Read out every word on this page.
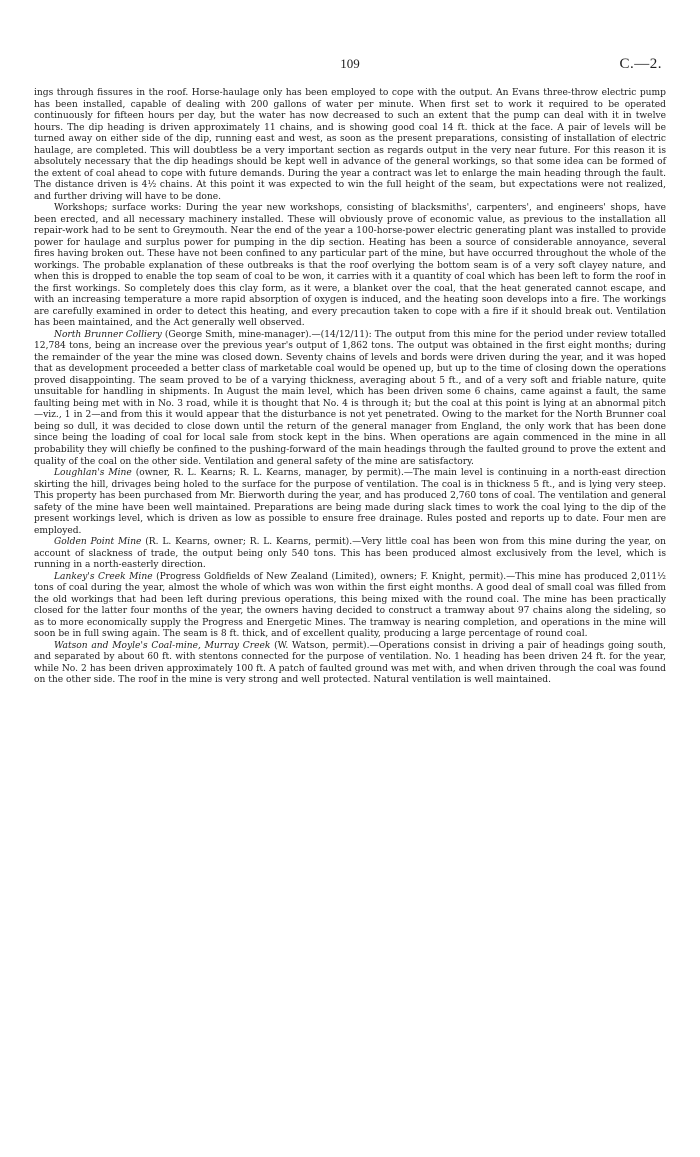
109	C.—2.

ings through fissures in the roof. Horse-haulage only has been employed to cope with the output. An Evans three-throw electric pump has been installed, capable of dealing with 200 gallons of water per minute. When first set to work it required to be operated continuously for fifteen hours per day, but the water has now decreased to such an extent that the pump can deal with it in twelve hours. The dip heading is driven approximately 11 chains, and is showing good coal 14 ft. thick at the face. A pair of levels will be turned away on either side of the dip, running east and west, as soon as the present preparations, consisting of installation of electric haulage, are completed. This will doubtless be a very important section as regards output in the very near future. For this reason it is absolutely necessary that the dip headings should be kept well in advance of the general workings, so that some idea can be formed of the extent of coal ahead to cope with future demands. During the year a contract was let to enlarge the main heading through the fault. The distance driven is 4½ chains. At this point it was expected to win the full height of the seam, but expectations were not realized, and further driving will have to be done.

Workshops; surface works: During the year new workshops, consisting of blacksmiths', carpenters', and engineers' shops, have been erected, and all necessary machinery installed. These will obviously prove of economic value, as previous to the installation all repair-work had to be sent to Greymouth. Near the end of the year a 100-horse-power electric generating plant was installed to provide power for haulage and surplus power for pumping in the dip section. Heating has been a source of considerable annoyance, several fires having broken out. These have not been confined to any particular part of the mine, but have occurred throughout the whole of the workings. The probable explanation of these outbreaks is that the roof overlying the bottom seam is of a very soft clayey nature, and when this is dropped to enable the top seam of coal to be won, it carries with it a quantity of coal which has been left to form the roof in the first workings. So completely does this clay form, as it were, a blanket over the coal, that the heat generated cannot escape, and with an increasing temperature a more rapid absorption of oxygen is induced, and the heating soon develops into a fire. The workings are carefully examined in order to detect this heating, and every precaution taken to cope with a fire if it should break out. Ventilation has been maintained, and the Act generally well observed.

North Brunner Colliery (George Smith, mine-manager).—(14/12/11): The output from this mine for the period under review totalled 12,784 tons, being an increase over the previous year's output of 1,862 tons. The output was obtained in the first eight months; during the remainder of the year the mine was closed down. Seventy chains of levels and bords were driven during the year, and it was hoped that as development proceeded a better class of marketable coal would be opened up, but up to the time of closing down the operations proved disappointing. The seam proved to be of a varying thickness, averaging about 5 ft., and of a very soft and friable nature, quite unsuitable for handling in shipments. In August the main level, which has been driven some 6 chains, came against a fault, the same faulting being met with in No. 3 road, while it is thought that No. 4 is through it; but the coal at this point is lying at an abnormal pitch—viz., 1 in 2—and from this it would appear that the disturbance is not yet penetrated. Owing to the market for the North Brunner coal being so dull, it was decided to close down until the return of the general manager from England, the only work that has been done since being the loading of coal for local sale from stock kept in the bins. When operations are again commenced in the mine in all probability they will chiefly be confined to the pushing-forward of the main headings through the faulted ground to prove the extent and quality of the coal on the other side. Ventilation and general safety of the mine are satisfactory.

Loughlan's Mine (owner, R. L. Kearns; R. L. Kearns, manager, by permit).—The main level is continuing in a north-east direction skirting the hill, drivages being holed to the surface for the purpose of ventilation. The coal is in thickness 5 ft., and is lying very steep. This property has been purchased from Mr. Bierworth during the year, and has produced 2,760 tons of coal. The ventilation and general safety of the mine have been well maintained. Preparations are being made during slack times to work the coal lying to the dip of the present workings level, which is driven as low as possible to ensure free drainage. Rules posted and reports up to date. Four men are employed.

Golden Point Mine (R. L. Kearns, owner; R. L. Kearns, permit).—Very little coal has been won from this mine during the year, on account of slackness of trade, the output being only 540 tons. This has been produced almost exclusively from the level, which is running in a north-easterly direction.

Lankey's Creek Mine (Progress Goldfields of New Zealand (Limited), owners; F. Knight, permit).—This mine has produced 2,011½ tons of coal during the year, almost the whole of which was won within the first eight months. A good deal of small coal was filled from the old workings that had been left during previous operations, this being mixed with the round coal. The mine has been practically closed for the latter four months of the year, the owners having decided to construct a tramway about 97 chains along the sideling, so as to more economically supply the Progress and Energetic Mines. The tramway is nearing completion, and operations in the mine will soon be in full swing again. The seam is 8 ft. thick, and of excellent quality, producing a large percentage of round coal.

Watson and Moyle's Coal-mine, Murray Creek (W. Watson, permit).—Operations consist in driving a pair of headings going south, and separated by about 60 ft. with stentons connected for the purpose of ventilation. No. 1 heading has been driven 24 ft. for the year, while No. 2 has been driven approximately 100 ft. A patch of faulted ground was met with, and when driven through the coal was found on the other side. The roof in the mine is very strong and well protected. Natural ventilation is well maintained.
